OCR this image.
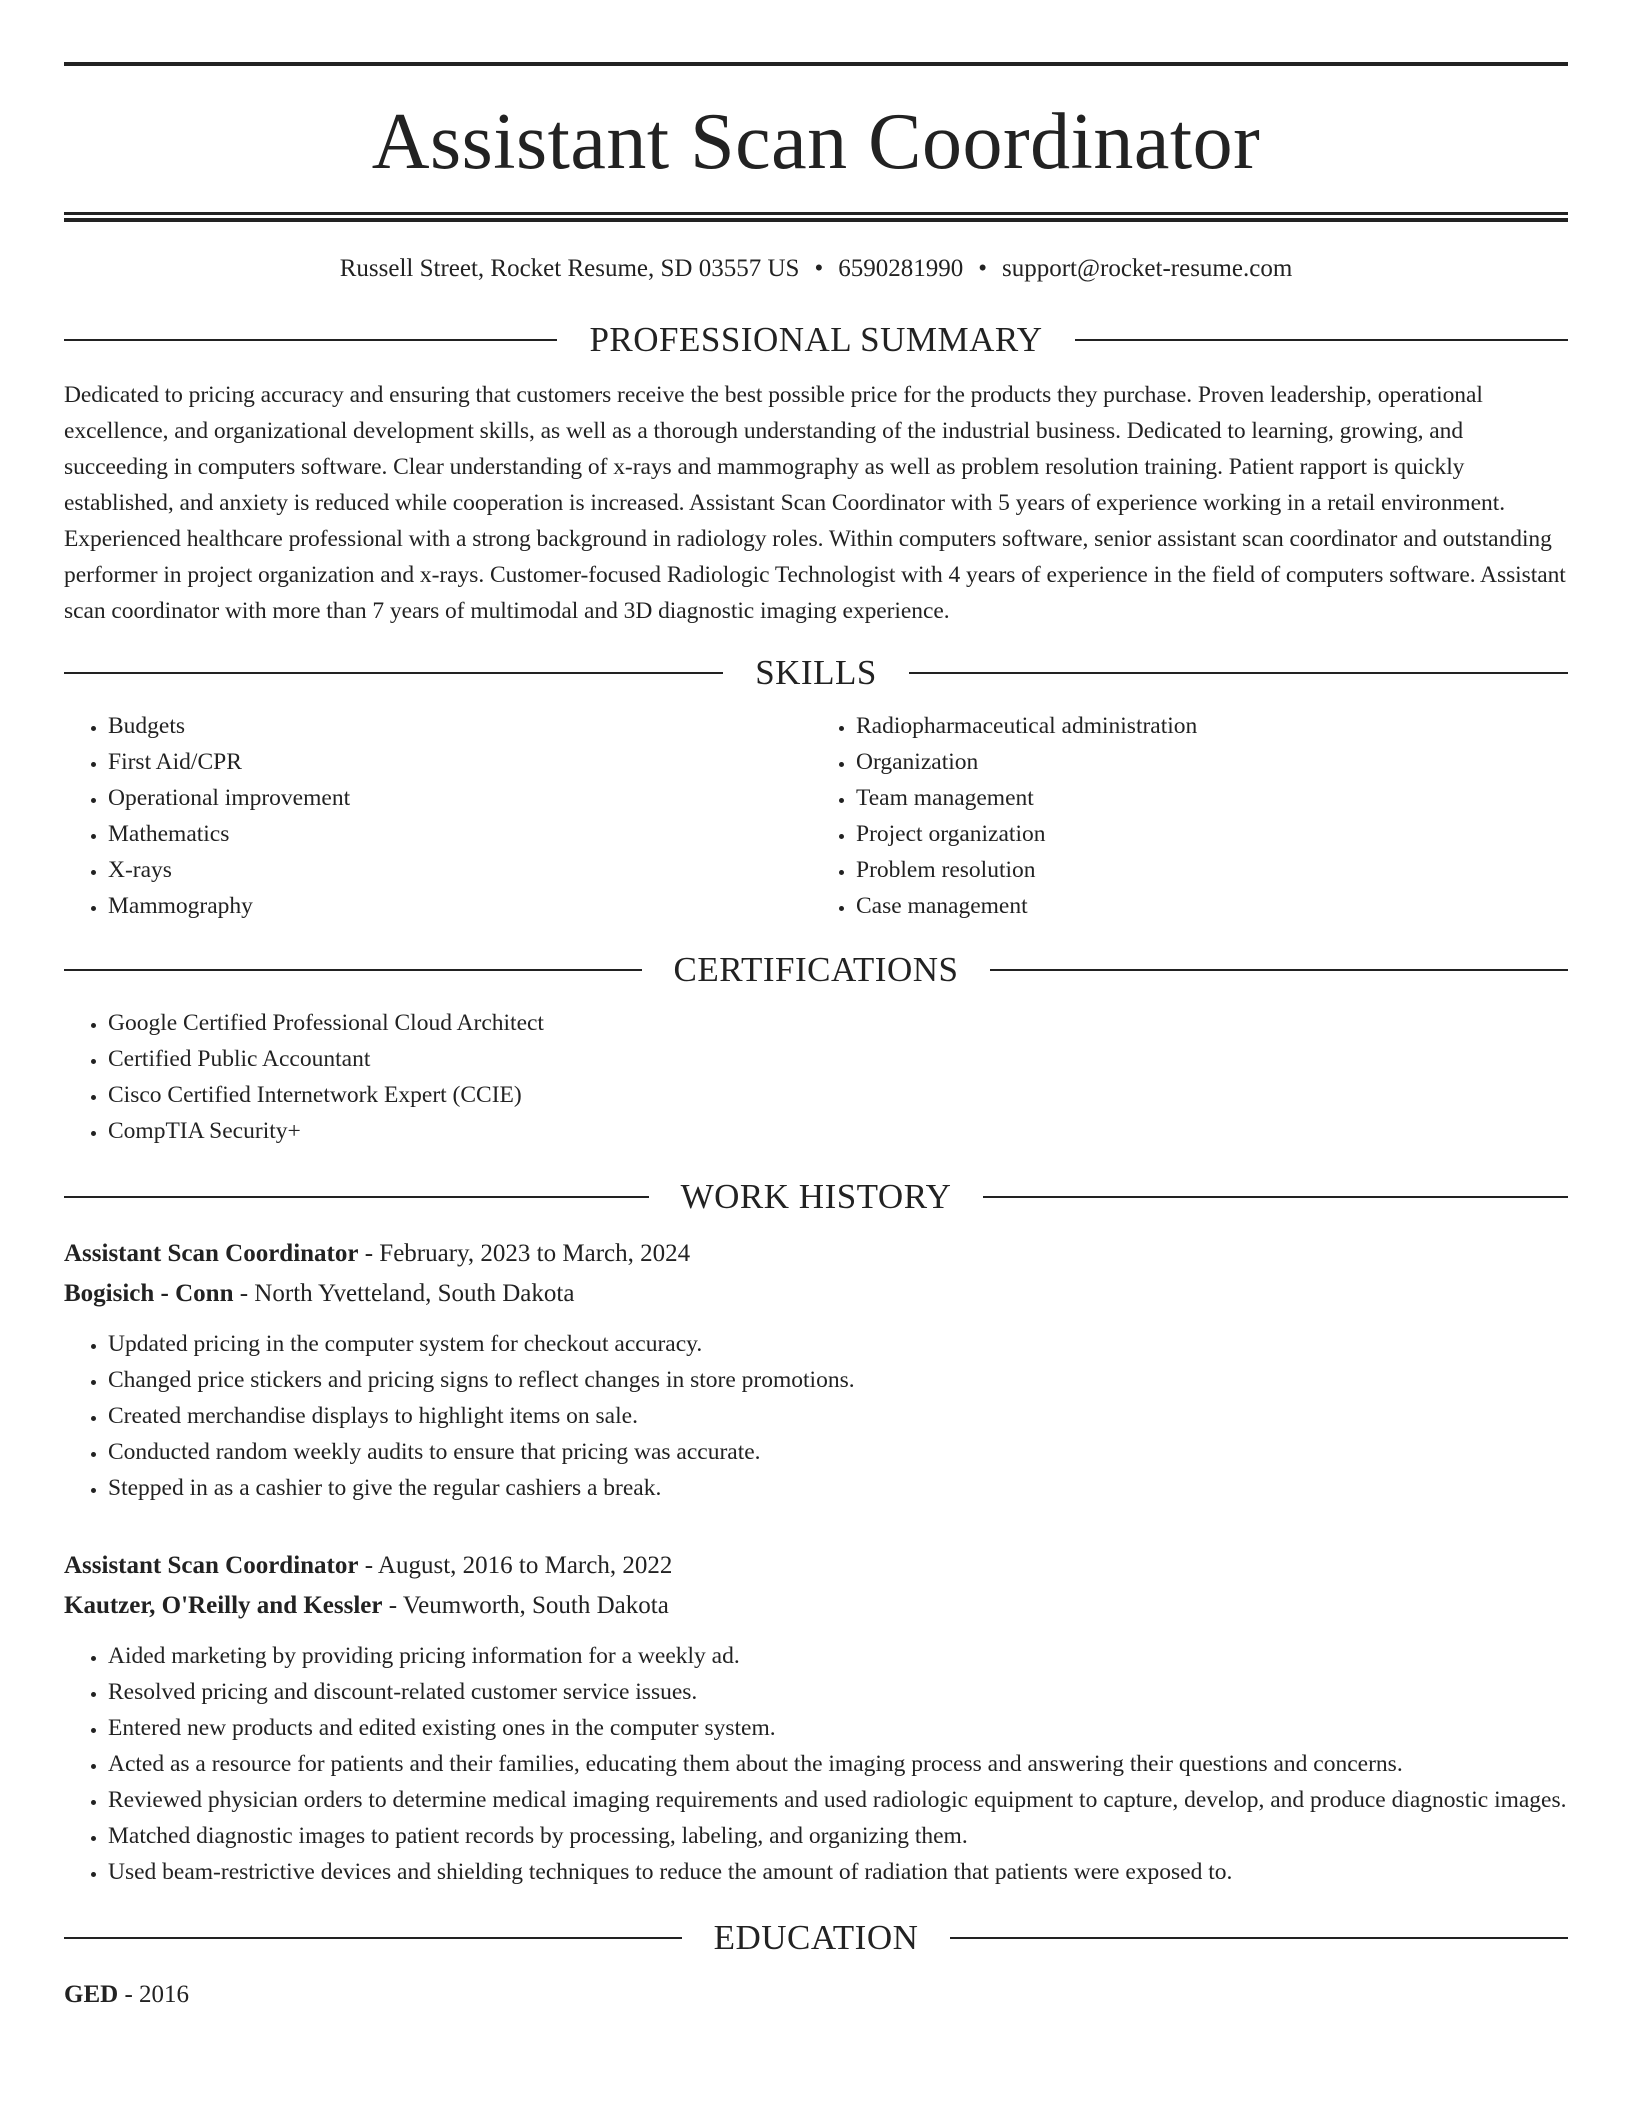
Assistant Scan Coordinator
Russell Street, Rocket Resume, SD 03557 US • 6590281990 • support@rocket-resume.com
PROFESSIONAL SUMMARY

Dedicated to pricing accuracy and ensuring that customers receive the best possible price for the products they purchase. Proven leadership, operational excellence, and organizational development skills, as well as a thorough understanding of the industrial business. Dedicated to learning, growing, and succeeding in computers software. Clear understanding of x-rays and mammography as well as problem resolution training. Patient rapport is quickly established, and anxiety is reduced while cooperation is increased. Assistant Scan Coordinator with 5 years of experience working in a retail environment. Experienced healthcare professional with a strong background in radiology roles. Within computers software, senior assistant scan coordinator and outstanding performer in project organization and x-rays. Customer-focused Radiologic Technologist with 4 years of experience in the field of computers software. Assistant scan coordinator with more than 7 years of multimodal and 3D diagnostic imaging experience.

SKILLS
• Budgets
• First Aid/CPR
• Operational improvement
• Mathematics
• X-rays
• Mammography
• Radiopharmaceutical administration
• Organization
• Team management
• Project organization
• Problem resolution
• Case management
CERTIFICATIONS
• Google Certified Professional Cloud Architect
• Certified Public Accountant
• Cisco Certified Internetwork Expert (CCIE)
• CompTIA Security+
WORK HISTORY
Assistant Scan Coordinator - February, 2023 to March, 2024
Bogisich - Conn - North Yvetteland, South Dakota
• Updated pricing in the computer system for checkout accuracy.
• Changed price stickers and pricing signs to reflect changes in store promotions.
• Created merchandise displays to highlight items on sale.
• Conducted random weekly audits to ensure that pricing was accurate.
• Stepped in as a cashier to give the regular cashiers a break.
Assistant Scan Coordinator - August, 2016 to March, 2022
Kautzer, O'Reilly and Kessler - Veumworth, South Dakota
• Aided marketing by providing pricing information for a weekly ad.
• Resolved pricing and discount-related customer service issues.
• Entered new products and edited existing ones in the computer system.
• Acted as a resource for patients and their families, educating them about the imaging process and answering their questions and concerns.
• Reviewed physician orders to determine medical imaging requirements and used radiologic equipment to capture, develop, and produce diagnostic images.
• Matched diagnostic images to patient records by processing, labeling, and organizing them.
• Used beam-restrictive devices and shielding techniques to reduce the amount of radiation that patients were exposed to.
EDUCATION
GED - 2016
